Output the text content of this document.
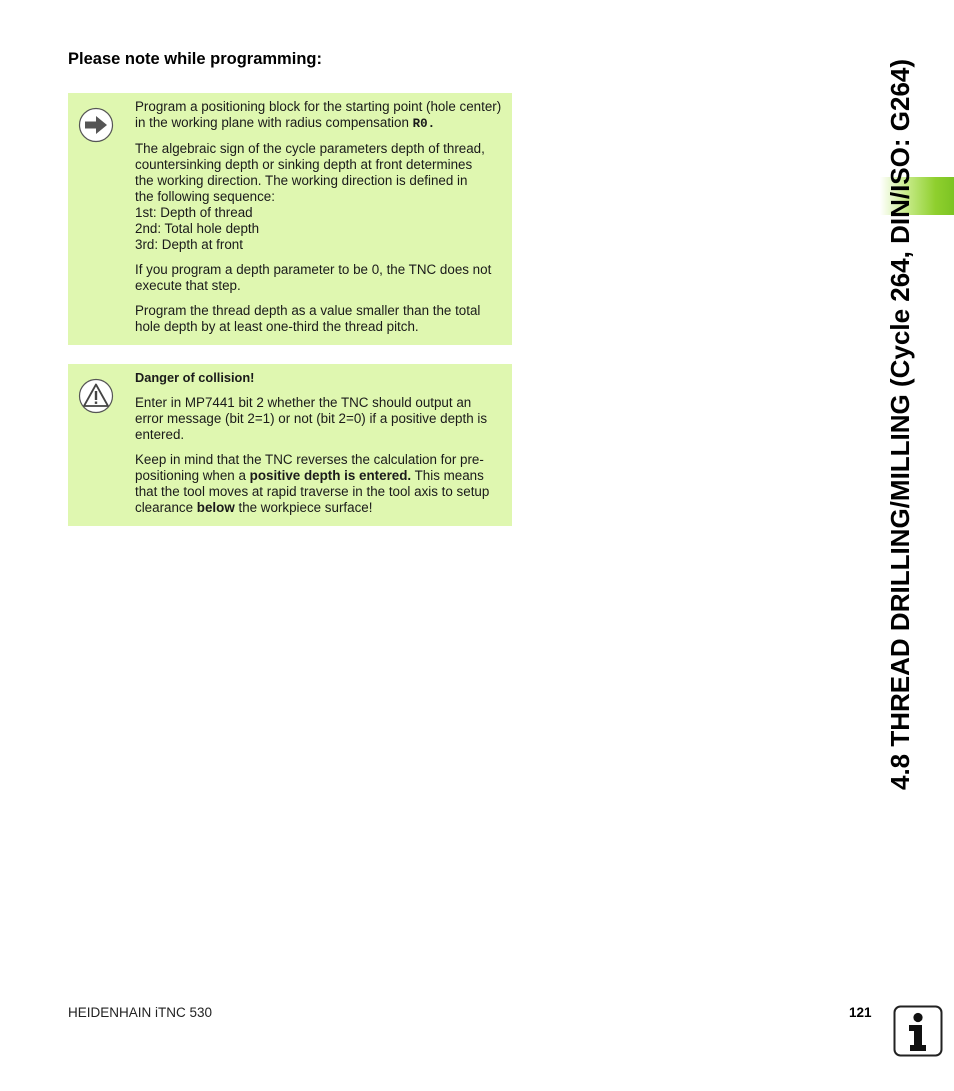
Please note while programming:

Program a positioning block for the starting point (hole center) in the working plane with radius compensation R0.

The algebraic sign of the cycle parameters depth of thread,
countersinking depth or sinking depth at front determines
the working direction. The working direction is defined in
the following sequence:
1st: Depth of thread
2nd: Total hole depth
3rd: Depth at front

If you program a depth parameter to be 0, the TNC does not execute that step.

Program the thread depth as a value smaller than the total hole depth by at least one-third the thread pitch.

Danger of collision!

Enter in MP7441 bit 2 whether the TNC should output an error message (bit 2=1) or not (bit 2=0) if a positive depth is entered.

Keep in mind that the TNC reverses the calculation for pre-positioning when a positive depth is entered. This means that the tool moves at rapid traverse in the tool axis to setup clearance below the workpiece surface!	4.8 THREAD DRILLING/MILLING (Cycle 264, DIN/ISO: G264)
HEIDENHAIN iTNC 530	121
